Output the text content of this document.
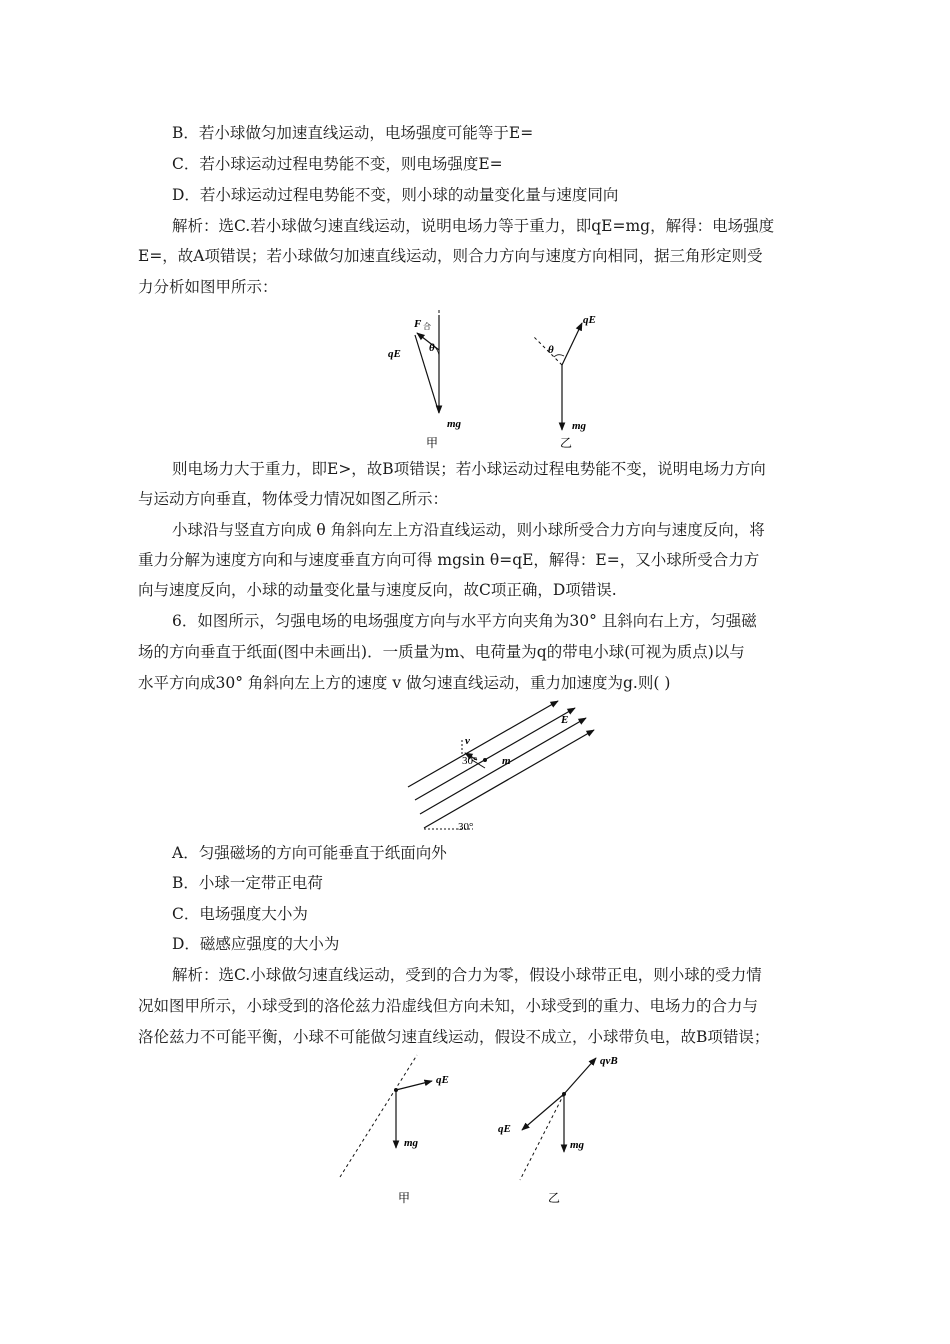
B．若小球做匀加速直线运动，电场强度可能等于E=
C．若小球运动过程电势能不变，则电场强度E=
D．若小球运动过程电势能不变，则小球的动量变化量与速度同向
解析：选C.若小球做匀速直线运动，说明电场力等于重力，即qE=mg，解得：电场强度
E=，故A项错误；若小球做匀加速直线运动，则合力方向与速度方向相同，据三角形定则受
力分析如图甲所示：
F 合
qE	θ
mg
甲
θ
qE
mg
乙
则电场力大于重力，即E>，故B项错误；若小球运动过程电势能不变，说明电场力方向
与运动方向垂直，物体受力情况如图乙所示：
小球沿与竖直方向成 θ 角斜向左上方沿直线运动，则小球所受合力方向与速度反向，将
重力分解为速度方向和与速度垂直方向可得 mgsin θ=qE，解得：E=，又小球所受合力方
向与速度反向，小球的动量变化量与速度反向，故C项正确，D项错误.
6．如图所示，匀强电场的电场强度方向与水平方向夹角为30° 且斜向右上方，匀强磁
场的方向垂直于纸面(图中未画出)．一质量为m、电荷量为q的带电小球(可视为质点)以与
水平方向成30° 角斜向左上方的速度 v 做匀速直线运动，重力加速度为g.则( )
v
30° m
E
30°
A．匀强磁场的方向可能垂直于纸面向外
B．小球一定带正电荷
C．电场强度大小为
D．磁感应强度的大小为
解析：选C.小球做匀速直线运动，受到的合力为零，假设小球带正电，则小球的受力情
况如图甲所示，小球受到的洛伦兹力沿虚线但方向未知，小球受到的重力、电场力的合力与
洛伦兹力不可能平衡，小球不可能做匀速直线运动，假设不成立，小球带负电，故B项错误；
qE
mg
甲
qvB
qE
mg
乙
